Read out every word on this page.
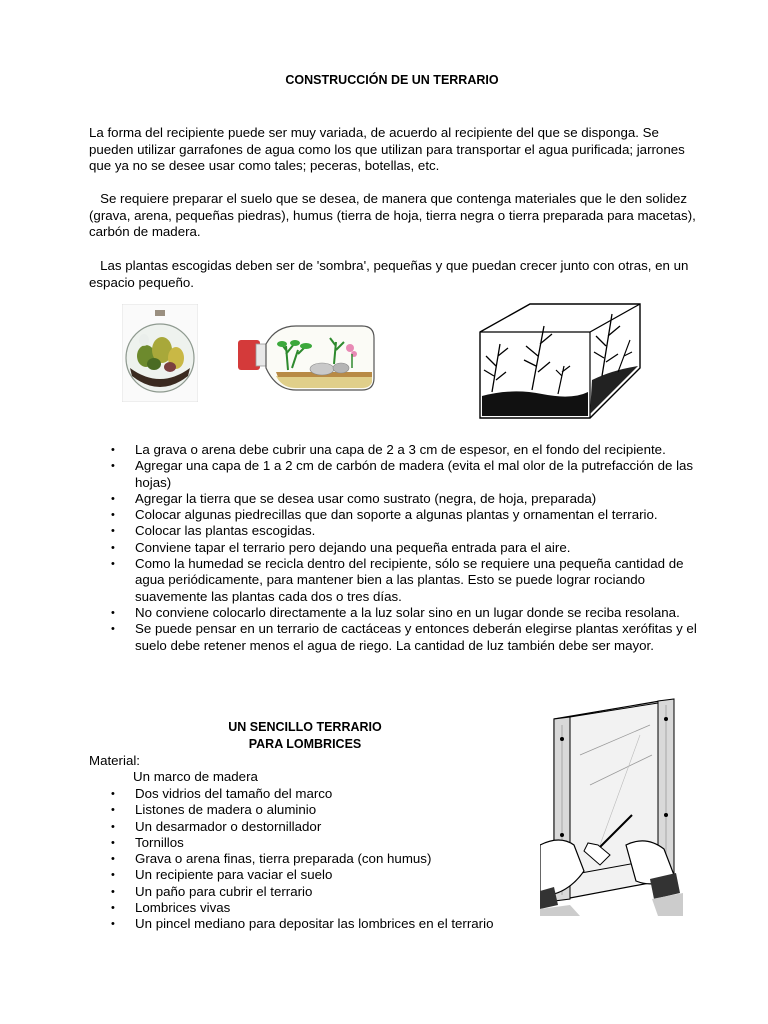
CONSTRUCCIÓN DE UN TERRARIO

La forma del recipiente puede ser muy variada, de acuerdo al recipiente del que se disponga. Se pueden utilizar garrafones de agua como los que utilizan para transportar el agua purificada; jarrones que ya no se desee usar como tales; peceras, botellas, etc.

Se requiere preparar el suelo que se desea, de manera que contenga materiales que le den solidez (grava, arena, pequeñas piedras), humus (tierra de hoja, tierra negra o tierra preparada para macetas), carbón de madera.

Las plantas escogidas deben ser de 'sombra', pequeñas y que puedan crecer junto con otras, en un espacio pequeño.

• La grava o arena debe cubrir una capa de 2 a 3 cm de espesor, en el fondo del recipiente.
• Agregar una capa de 1 a 2 cm de carbón de madera (evita el mal olor de la putrefacción de las hojas)
• Agregar la tierra que se desea usar como sustrato (negra, de hoja, preparada)
• Colocar algunas piedrecillas que dan soporte a algunas plantas y ornamentan el terrario.
• Colocar las plantas escogidas.
• Conviene tapar el terrario pero dejando una pequeña entrada para el aire.
• Como la humedad se recicla dentro del recipiente, sólo se requiere una pequeña cantidad de agua periódicamente, para mantener bien a las plantas. Esto se puede lograr rociando suavemente las plantas cada dos o tres días.
• No conviene colocarlo directamente a la luz solar sino en un lugar donde se reciba resolana.
• Se puede pensar en un terrario de cactáceas y entonces deberán elegirse plantas xerófitas y el suelo debe retener menos el agua de riego. La cantidad de luz también debe ser mayor.
UN SENCILLO TERRARIO
PARA LOMBRICES
Material:
Un marco de madera
• Dos vidrios del tamaño del marco
• Listones de madera o aluminio
• Un desarmador o destornillador
• Tornillos
• Grava o arena finas, tierra preparada (con humus)
• Un recipiente para vaciar el suelo
• Un paño para cubrir el terrario
• Lombrices vivas
• Un pincel mediano para depositar las lombrices en el terrario
